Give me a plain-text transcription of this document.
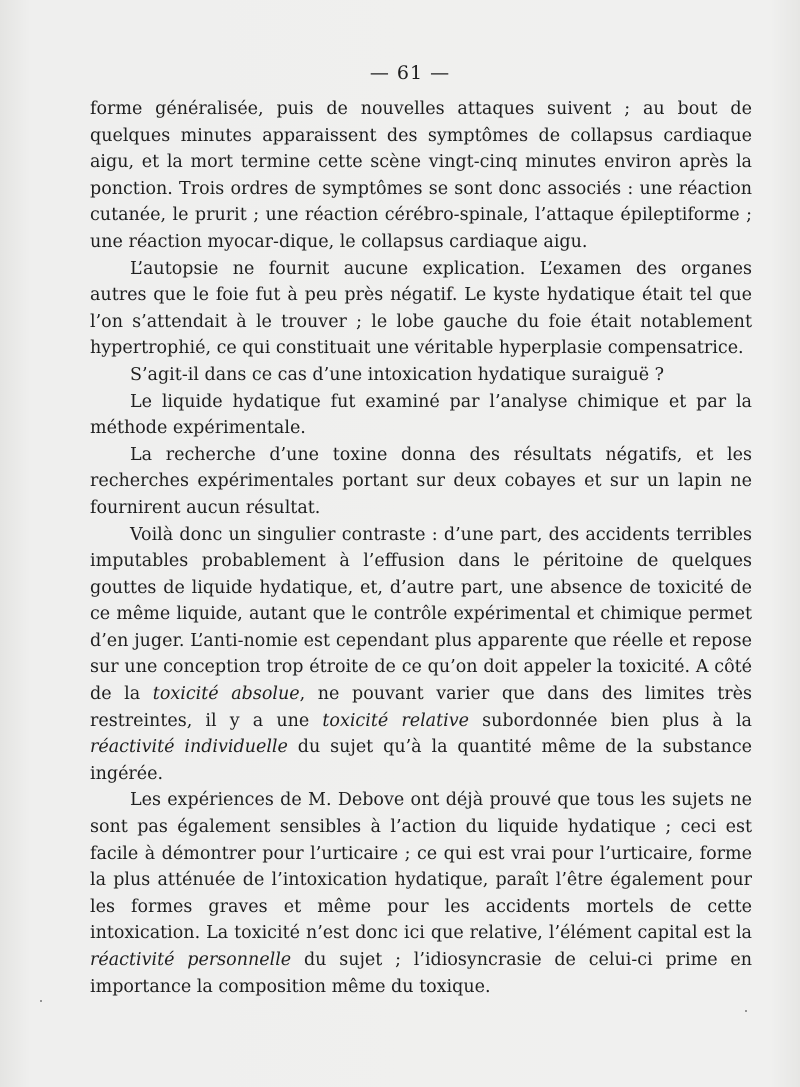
— 61 —

forme généralisée, puis de nouvelles attaques suivent ; au bout de quelques minutes apparaissent des symptômes de collapsus cardiaque aigu, et la mort termine cette scène vingt-cinq minutes environ après la ponction. Trois ordres de symptômes se sont donc associés : une réaction cutanée, le prurit ; une réaction cérébro-spinale, l’attaque épileptiforme ; une réaction myocar-dique, le collapsus cardiaque aigu.

L’autopsie ne fournit aucune explication. L’examen des organes autres que le foie fut à peu près négatif. Le kyste hydatique était tel que l’on s’attendait à le trouver ; le lobe gauche du foie était notablement hypertrophié, ce qui constituait une véritable hyperplasie compensatrice.

S’agit-il dans ce cas d’une intoxication hydatique suraiguë ?

Le liquide hydatique fut examiné par l’analyse chimique et par la méthode expérimentale.

La recherche d’une toxine donna des résultats négatifs, et les recherches expérimentales portant sur deux cobayes et sur un lapin ne fournirent aucun résultat.

Voilà donc un singulier contraste : d’une part, des accidents terribles imputables probablement à l’effusion dans le péritoine de quelques gouttes de liquide hydatique, et, d’autre part, une absence de toxicité de ce même liquide, autant que le contrôle expérimental et chimique permet d’en juger. L’anti-nomie est cependant plus apparente que réelle et repose sur une conception trop étroite de ce qu’on doit appeler la toxicité. A côté de la toxicité absolue, ne pouvant varier que dans des limites très restreintes, il y a une toxicité relative subordonnée bien plus à la réactivité individuelle du sujet qu’à la quantité même de la substance ingérée.

Les expériences de M. Debove ont déjà prouvé que tous les sujets ne sont pas également sensibles à l’action du liquide hydatique ; ceci est facile à démontrer pour l’urticaire ; ce qui est vrai pour l’urticaire, forme la plus atténuée de l’intoxication hydatique, paraît l’être également pour les formes graves et même pour les accidents mortels de cette intoxication. La toxicité n’est donc ici que relative, l’élément capital est la réactivité personnelle du sujet ; l’idiosyncrasie de celui-ci prime en importance la composition même du toxique.
